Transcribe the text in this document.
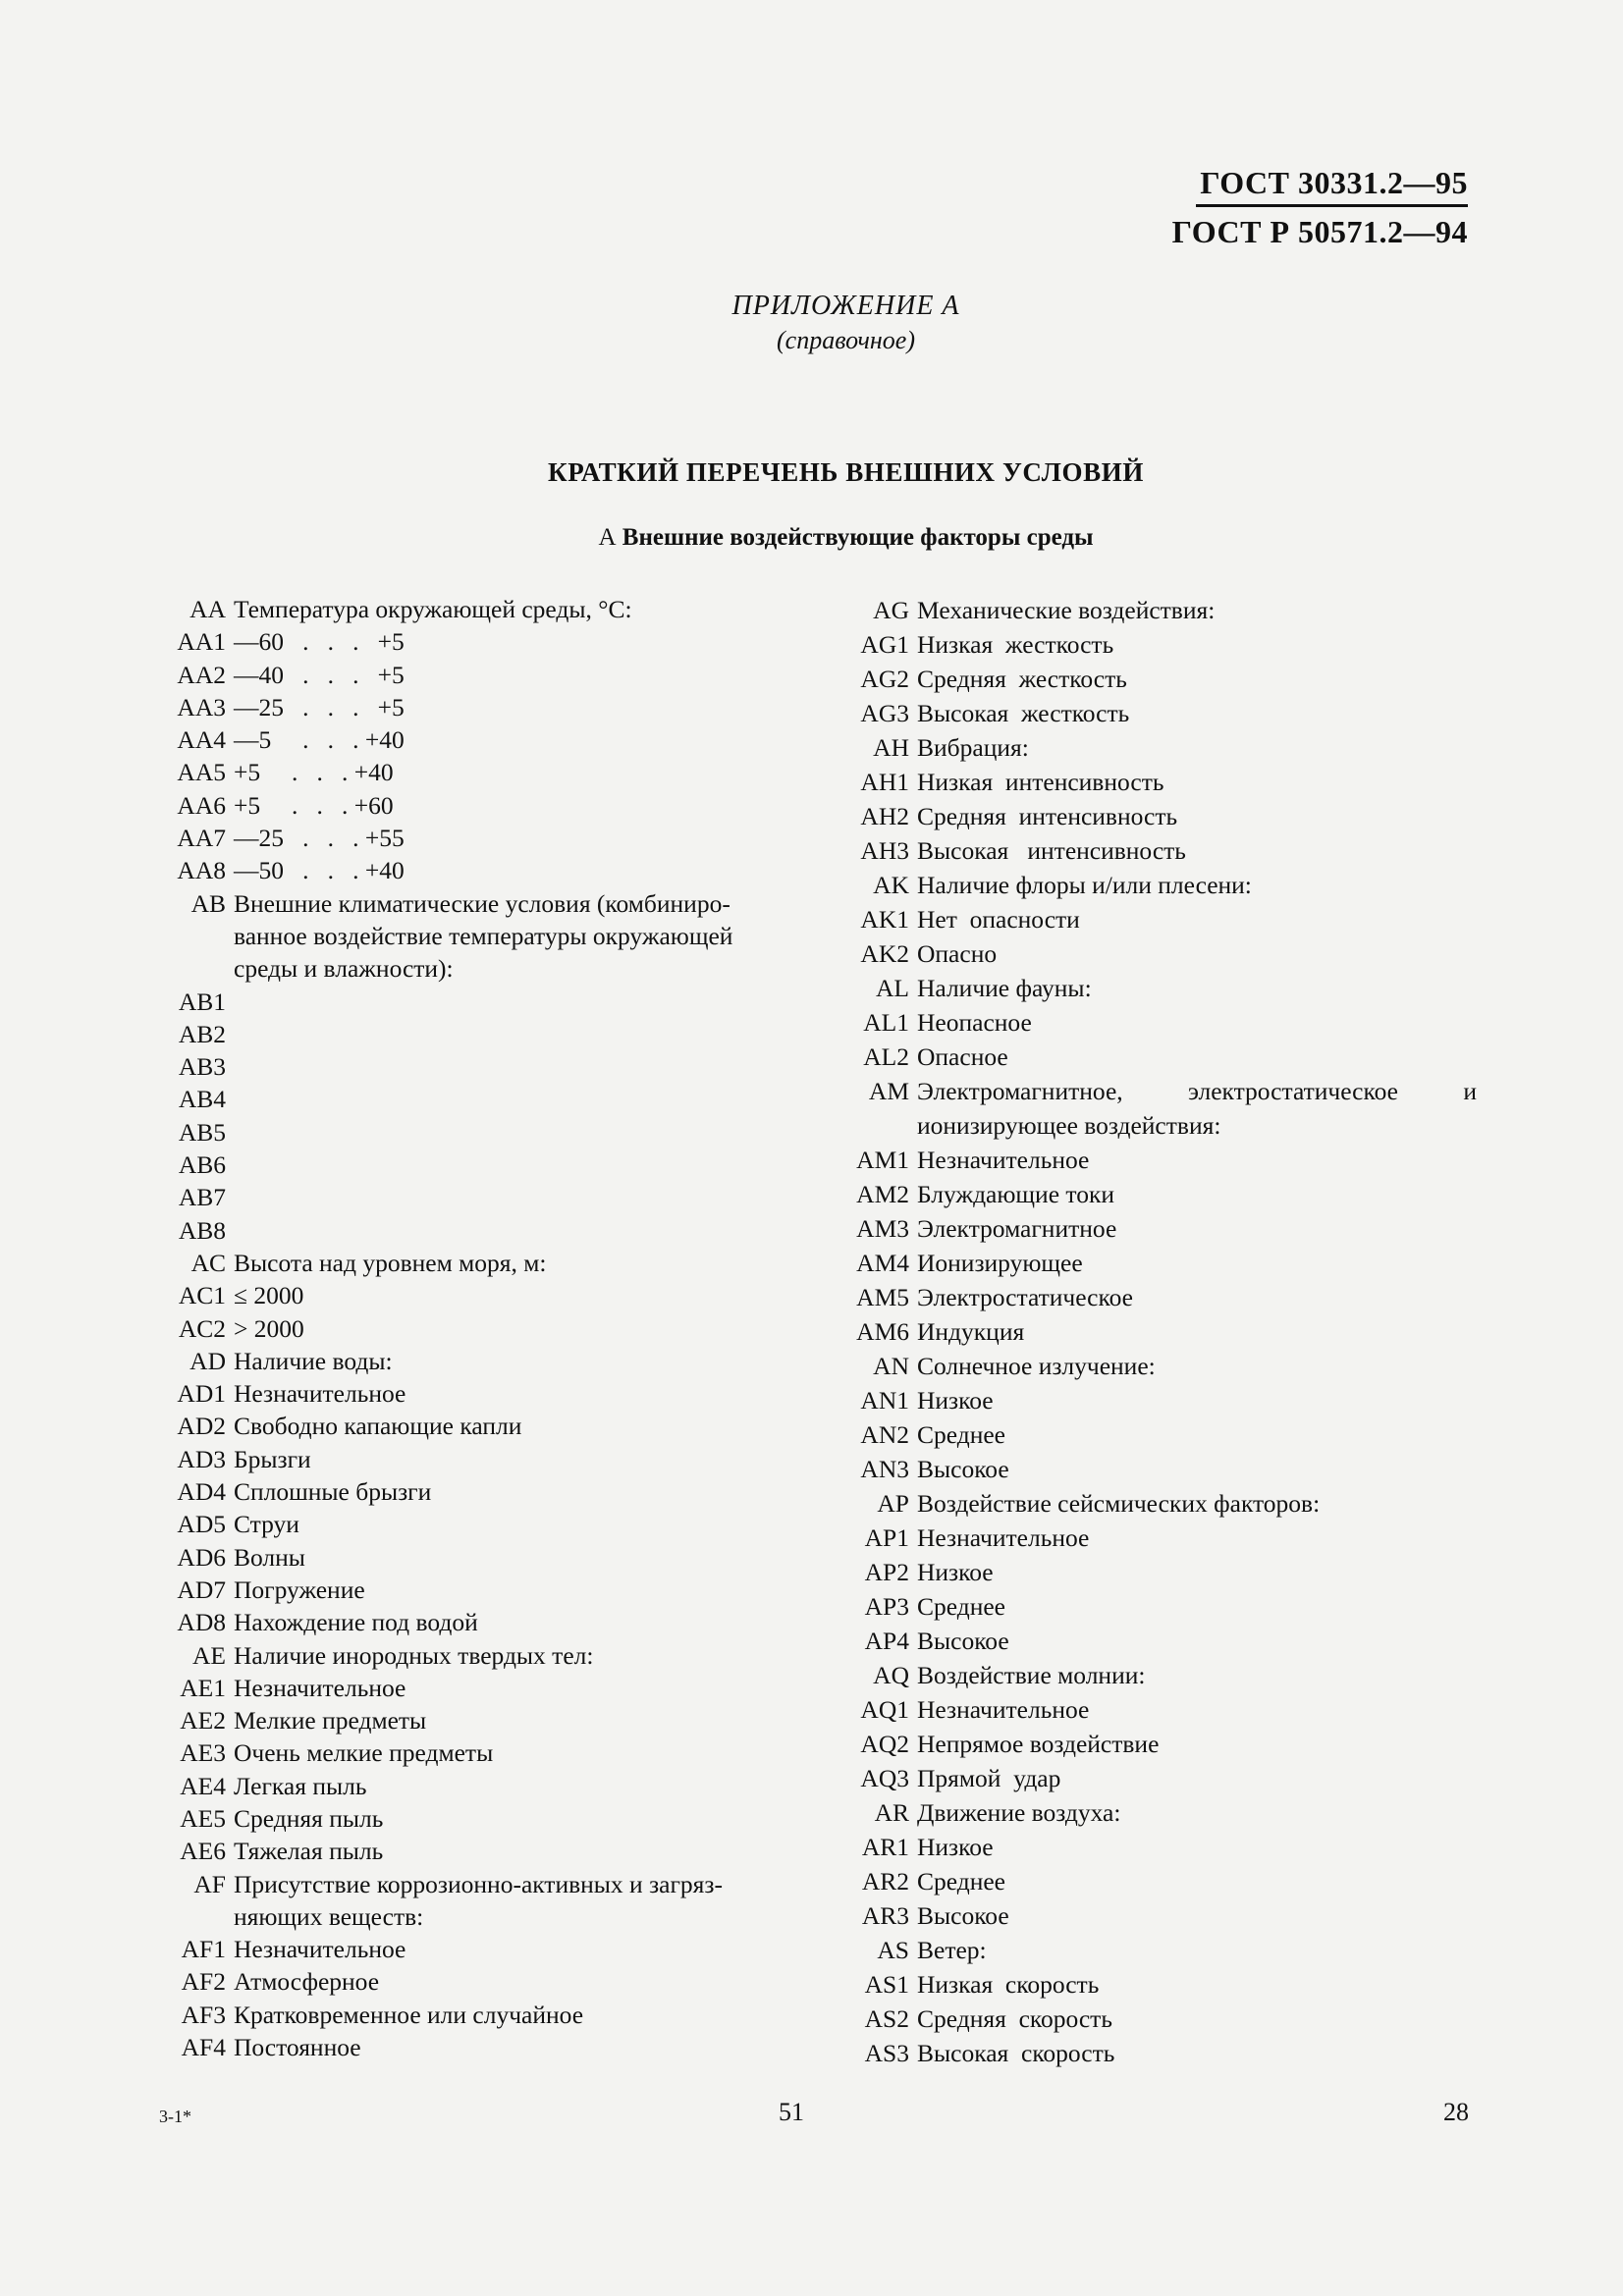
ГОСТ 30331.2—95
ГОСТ Р 50571.2—94
ПРИЛОЖЕНИЕ А
(справочное)
КРАТКИЙ ПЕРЕЧЕНЬ ВНЕШНИХ УСЛОВИЙ
А Внешние воздействующие факторы среды
AA Температура окружающей среды, °С:
AA1 —60   .   .   .   +5
AA2 —40   .   .   .   +5
AA3 —25   .   .   .   +5
AA4 —5     .   .   . +40
AA5 +5     .   .   . +40
AA6 +5     .   .   . +60
AA7 —25   .   .   . +55
AA8 —50   .   .   . +40
AB Внешние климатические условия (комбиниро-
ванное воздействие температуры окружающей
среды и влажности):
AB1
AB2
AB3
AB4
AB5
AB6
AB7
AB8
AC Высота над уровнем моря, м:
AC1 ≤ 2000
AC2 > 2000
AD Наличие воды:
AD1 Незначительное
AD2 Свободно капающие капли
AD3 Брызги
AD4 Сплошные брызги
AD5 Струи
AD6 Волны
AD7 Погружение
AD8 Нахождение под водой
AE Наличие инородных твердых тел:
AE1 Незначительное
AE2 Мелкие предметы
AE3 Очень мелкие предметы
AE4 Легкая пыль
AE5 Средняя пыль
AE6 Тяжелая пыль
AF Присутствие коррозионно-активных и загряз-
няющих веществ:
AF1 Незначительное
AF2 Атмосферное
AF3 Кратковременное или случайное
AF4 Постоянное
AG Механические воздействия:
AG1 Низкая  жесткость
AG2 Средняя  жесткость
AG3 Высокая  жесткость
AH Вибрация:
AH1 Низкая  интенсивность
AH2 Средняя  интенсивность
AH3 Высокая   интенсивность
AK Наличие флоры и/или плесени:
AK1 Нет  опасности
AK2 Опасно
AL Наличие фауны:
AL1 Неопасное
AL2 Опасное
AM Электромагнитное, электростатическое и
ионизирующее воздействия:
AM1 Незначительное
AM2 Блуждающие токи
AM3 Электромагнитное
AM4 Ионизирующее
AM5 Электростатическое
AM6 Индукция
AN Солнечное излучение:
AN1 Низкое
AN2 Среднее
AN3 Высокое
AP Воздействие сейсмических факторов:
AP1 Незначительное
AP2 Низкое
AP3 Среднее
AP4 Высокое
AQ Воздействие молнии:
AQ1 Незначительное
AQ2 Непрямое воздействие
AQ3 Прямой  удар
AR Движение воздуха:
AR1 Низкое
AR2 Среднее
AR3 Высокое
AS Ветер:
AS1 Низкая  скорость
AS2 Средняя  скорость
AS3 Высокая  скорость
3-1*	51	28
